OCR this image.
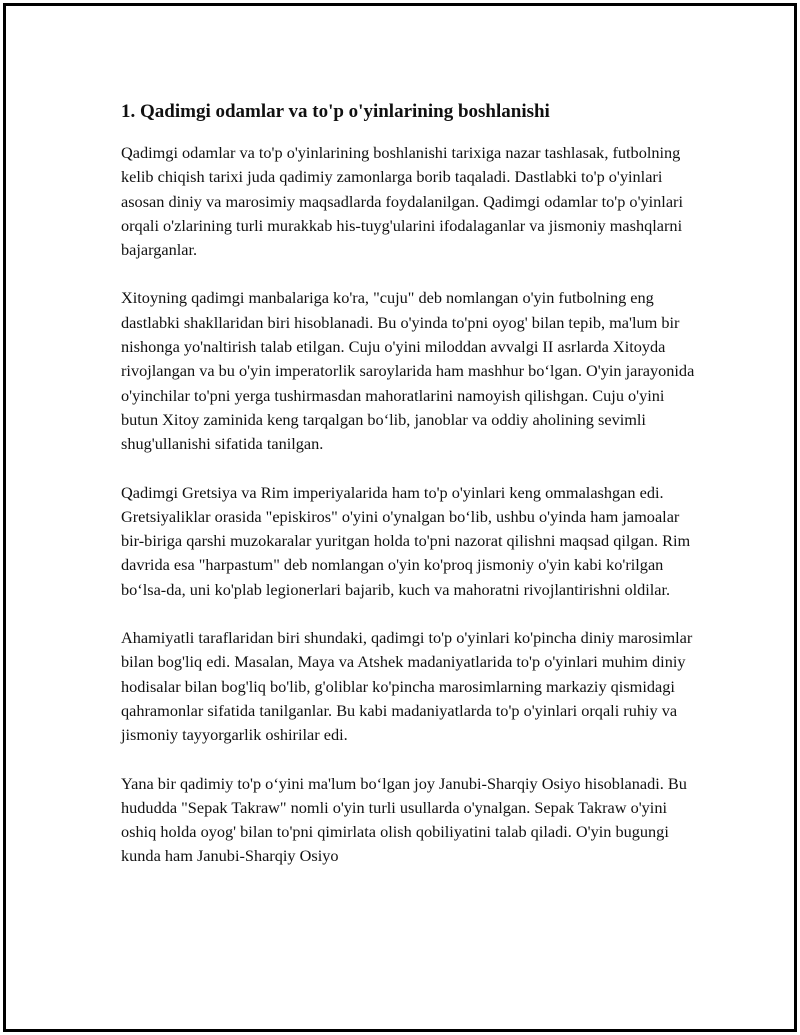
1. Qadimgi odamlar va to'p o'yinlarining boshlanishi

Qadimgi odamlar va to'p o'yinlarining boshlanishi tarixiga nazar tashlasak, futbolning kelib chiqish tarixi juda qadimiy zamonlarga borib taqaladi. Dastlabki to'p o'yinlari asosan diniy va marosimiy maqsadlarda foydalanilgan. Qadimgi odamlar to'p o'yinlari orqali o'zlarining turli murakkab his-tuyg'ularini ifodalaganlar va jismoniy mashqlarni bajarganlar.

Xitoyning qadimgi manbalariga ko'ra, "cuju" deb nomlangan o'yin futbolning eng dastlabki shakllaridan biri hisoblanadi. Bu o'yinda to'pni oyog' bilan tepib, ma'lum bir nishonga yo'naltirish talab etilgan. Cuju o'yini miloddan avvalgi II asrlarda Xitoyda rivojlangan va bu o'yin imperatorlik saroylarida ham mashhur bo‘lgan. O'yin jarayonida o'yinchilar to'pni yerga tushirmasdan mahoratlarini namoyish qilishgan. Cuju o'yini butun Xitoy zaminida keng tarqalgan bo‘lib, janoblar va oddiy aholining sevimli shug'ullanishi sifatida tanilgan.

Qadimgi Gretsiya va Rim imperiyalarida ham to'p o'yinlari keng ommalashgan edi. Gretsiyaliklar orasida "episkiros" o'yini o'ynalgan bo‘lib, ushbu o'yinda ham jamoalar bir-biriga qarshi muzokaralar yuritgan holda to'pni nazorat qilishni maqsad qilgan. Rim davrida esa "harpastum" deb nomlangan o'yin ko'proq jismoniy o'yin kabi ko'rilgan bo‘lsa-da, uni ko'plab legionerlari bajarib, kuch va mahoratni rivojlantirishni oldilar.

Ahamiyatli taraflaridan biri shundaki, qadimgi to'p o'yinlari ko'pincha diniy marosimlar bilan bog'liq edi. Masalan, Maya va Atshek madaniyatlarida to'p o'yinlari muhim diniy hodisalar bilan bog'liq bo'lib, g'oliblar ko'pincha marosimlarning markaziy qismidagi qahramonlar sifatida tanilganlar. Bu kabi madaniyatlarda to'p o'yinlari orqali ruhiy va jismoniy tayyorgarlik oshirilar edi.

Yana bir qadimiy to'p o‘yini ma'lum bo‘lgan joy Janubi-Sharqiy Osiyo hisoblanadi. Bu hududda "Sepak Takraw" nomli o'yin turli usullarda o'ynalgan. Sepak Takraw o'yini oshiq holda oyog' bilan to'pni qimirlata olish qobiliyatini talab qiladi. O'yin bugungi kunda ham Janubi-Sharqiy Osiyo
